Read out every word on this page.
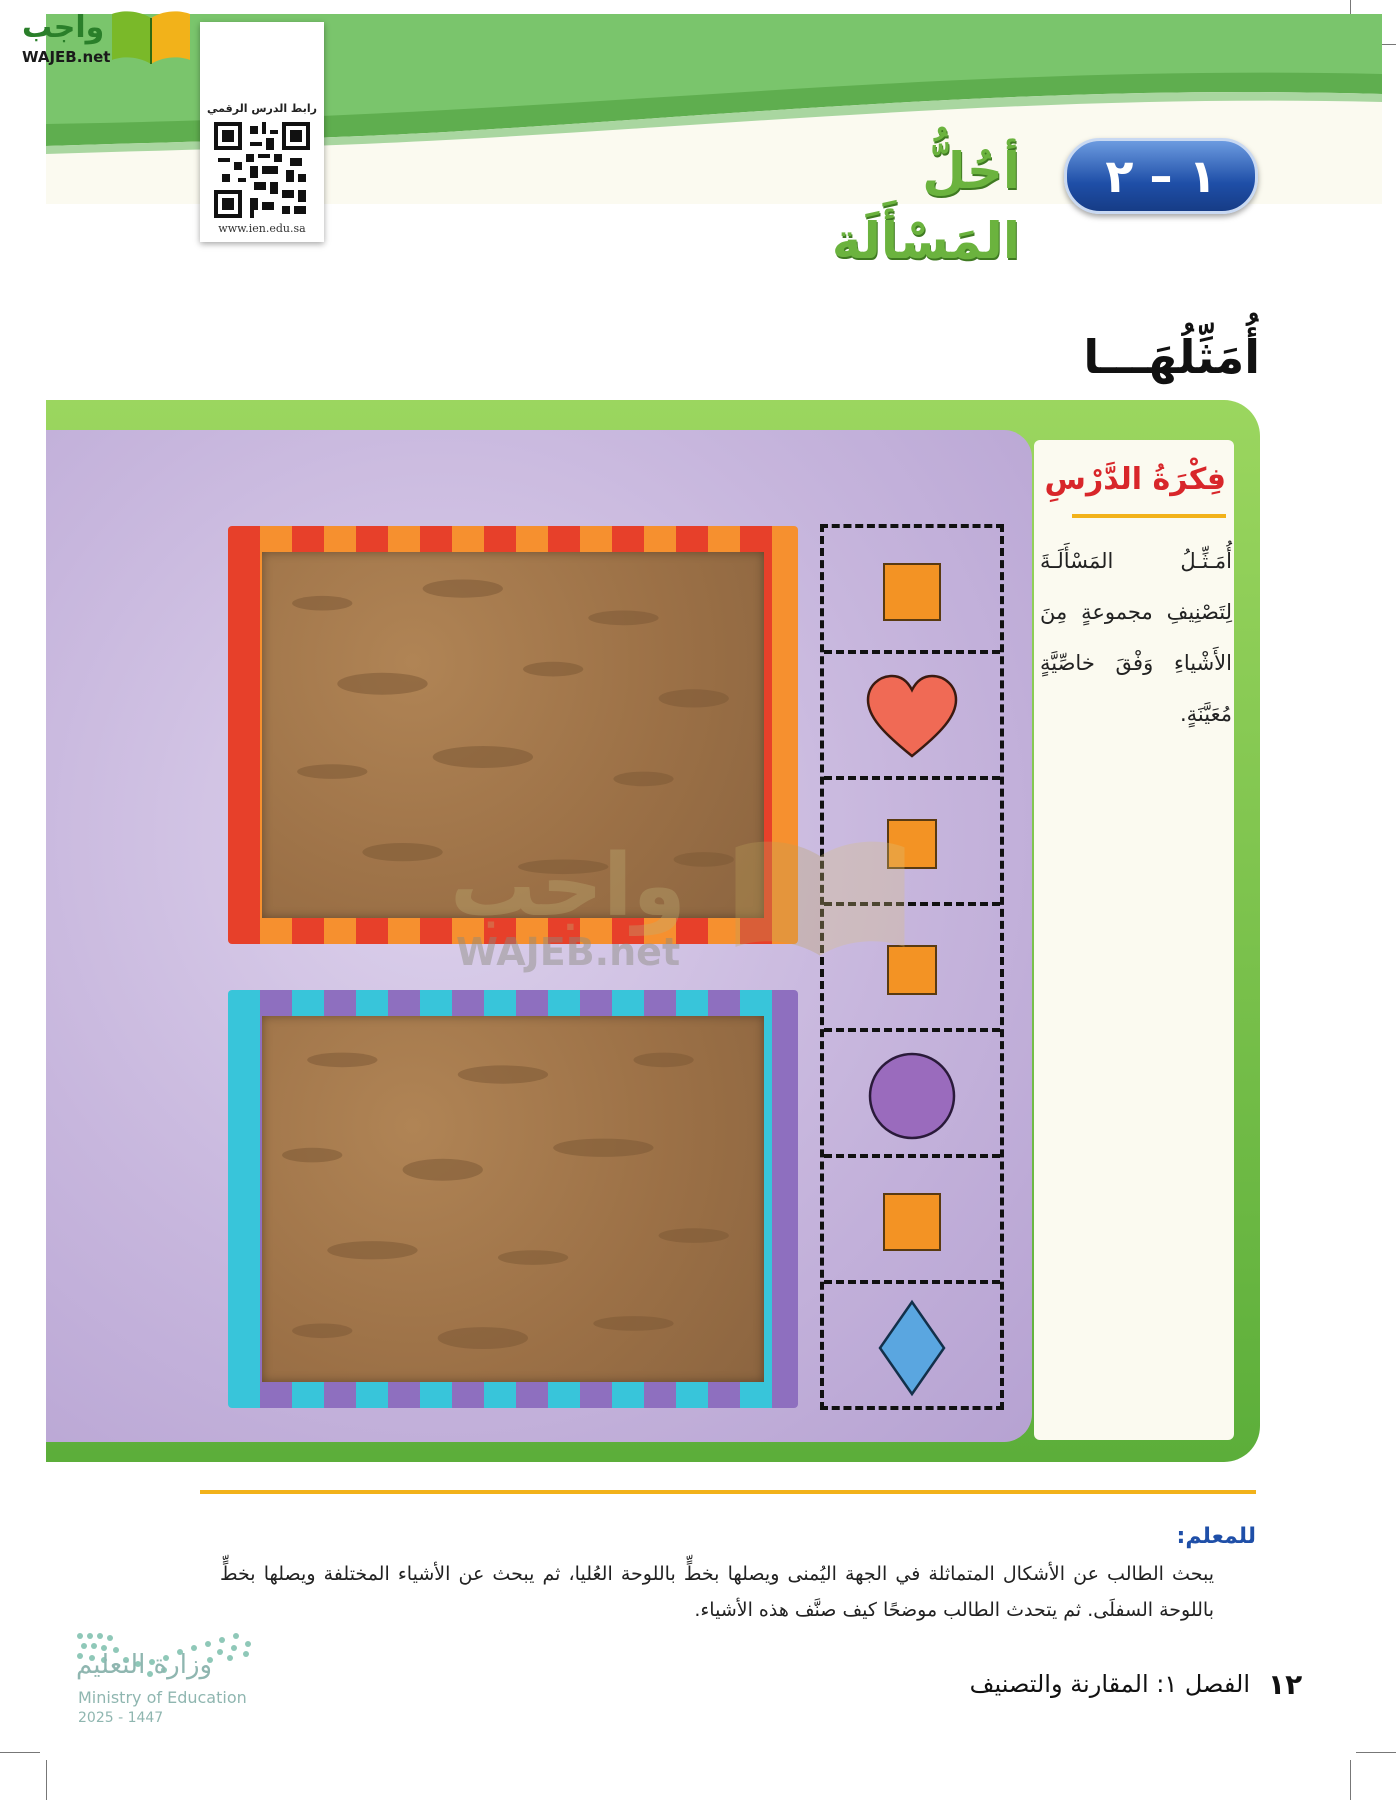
١ – ٢
أحُلُّ المَسْأَلَة
رابط الدرس الرقمي
www.ien.edu.sa
واجب
WAJEB.net
أُمَثِّلُهَـــا
فِكْرَةُ الدَّرْسِ
أُمَـثِّـلُ المَسْأَلَـةَ لِتَصْنِيفِ مجموعةٍ مِنَ الأَشْياءِ وَفْقَ خاصِّيَّةٍ مُعَيَّنَةٍ.
واجب
WAJEB.net
للمعلم:
يبحث الطالب عن الأشكال المتماثلة في الجهة اليُمنى ويصلها بخطٍّ باللوحة العُليا، ثم يبحث عن الأشياء المختلفة ويصلها بخطٍّ باللوحة السفلَى. ثم يتحدث الطالب موضحًا كيف صنَّف هذه الأشياء.
وزارة التعليم
Ministry of Education
2025 - 1447
١٢
الفصل ١: المقارنة والتصنيف
